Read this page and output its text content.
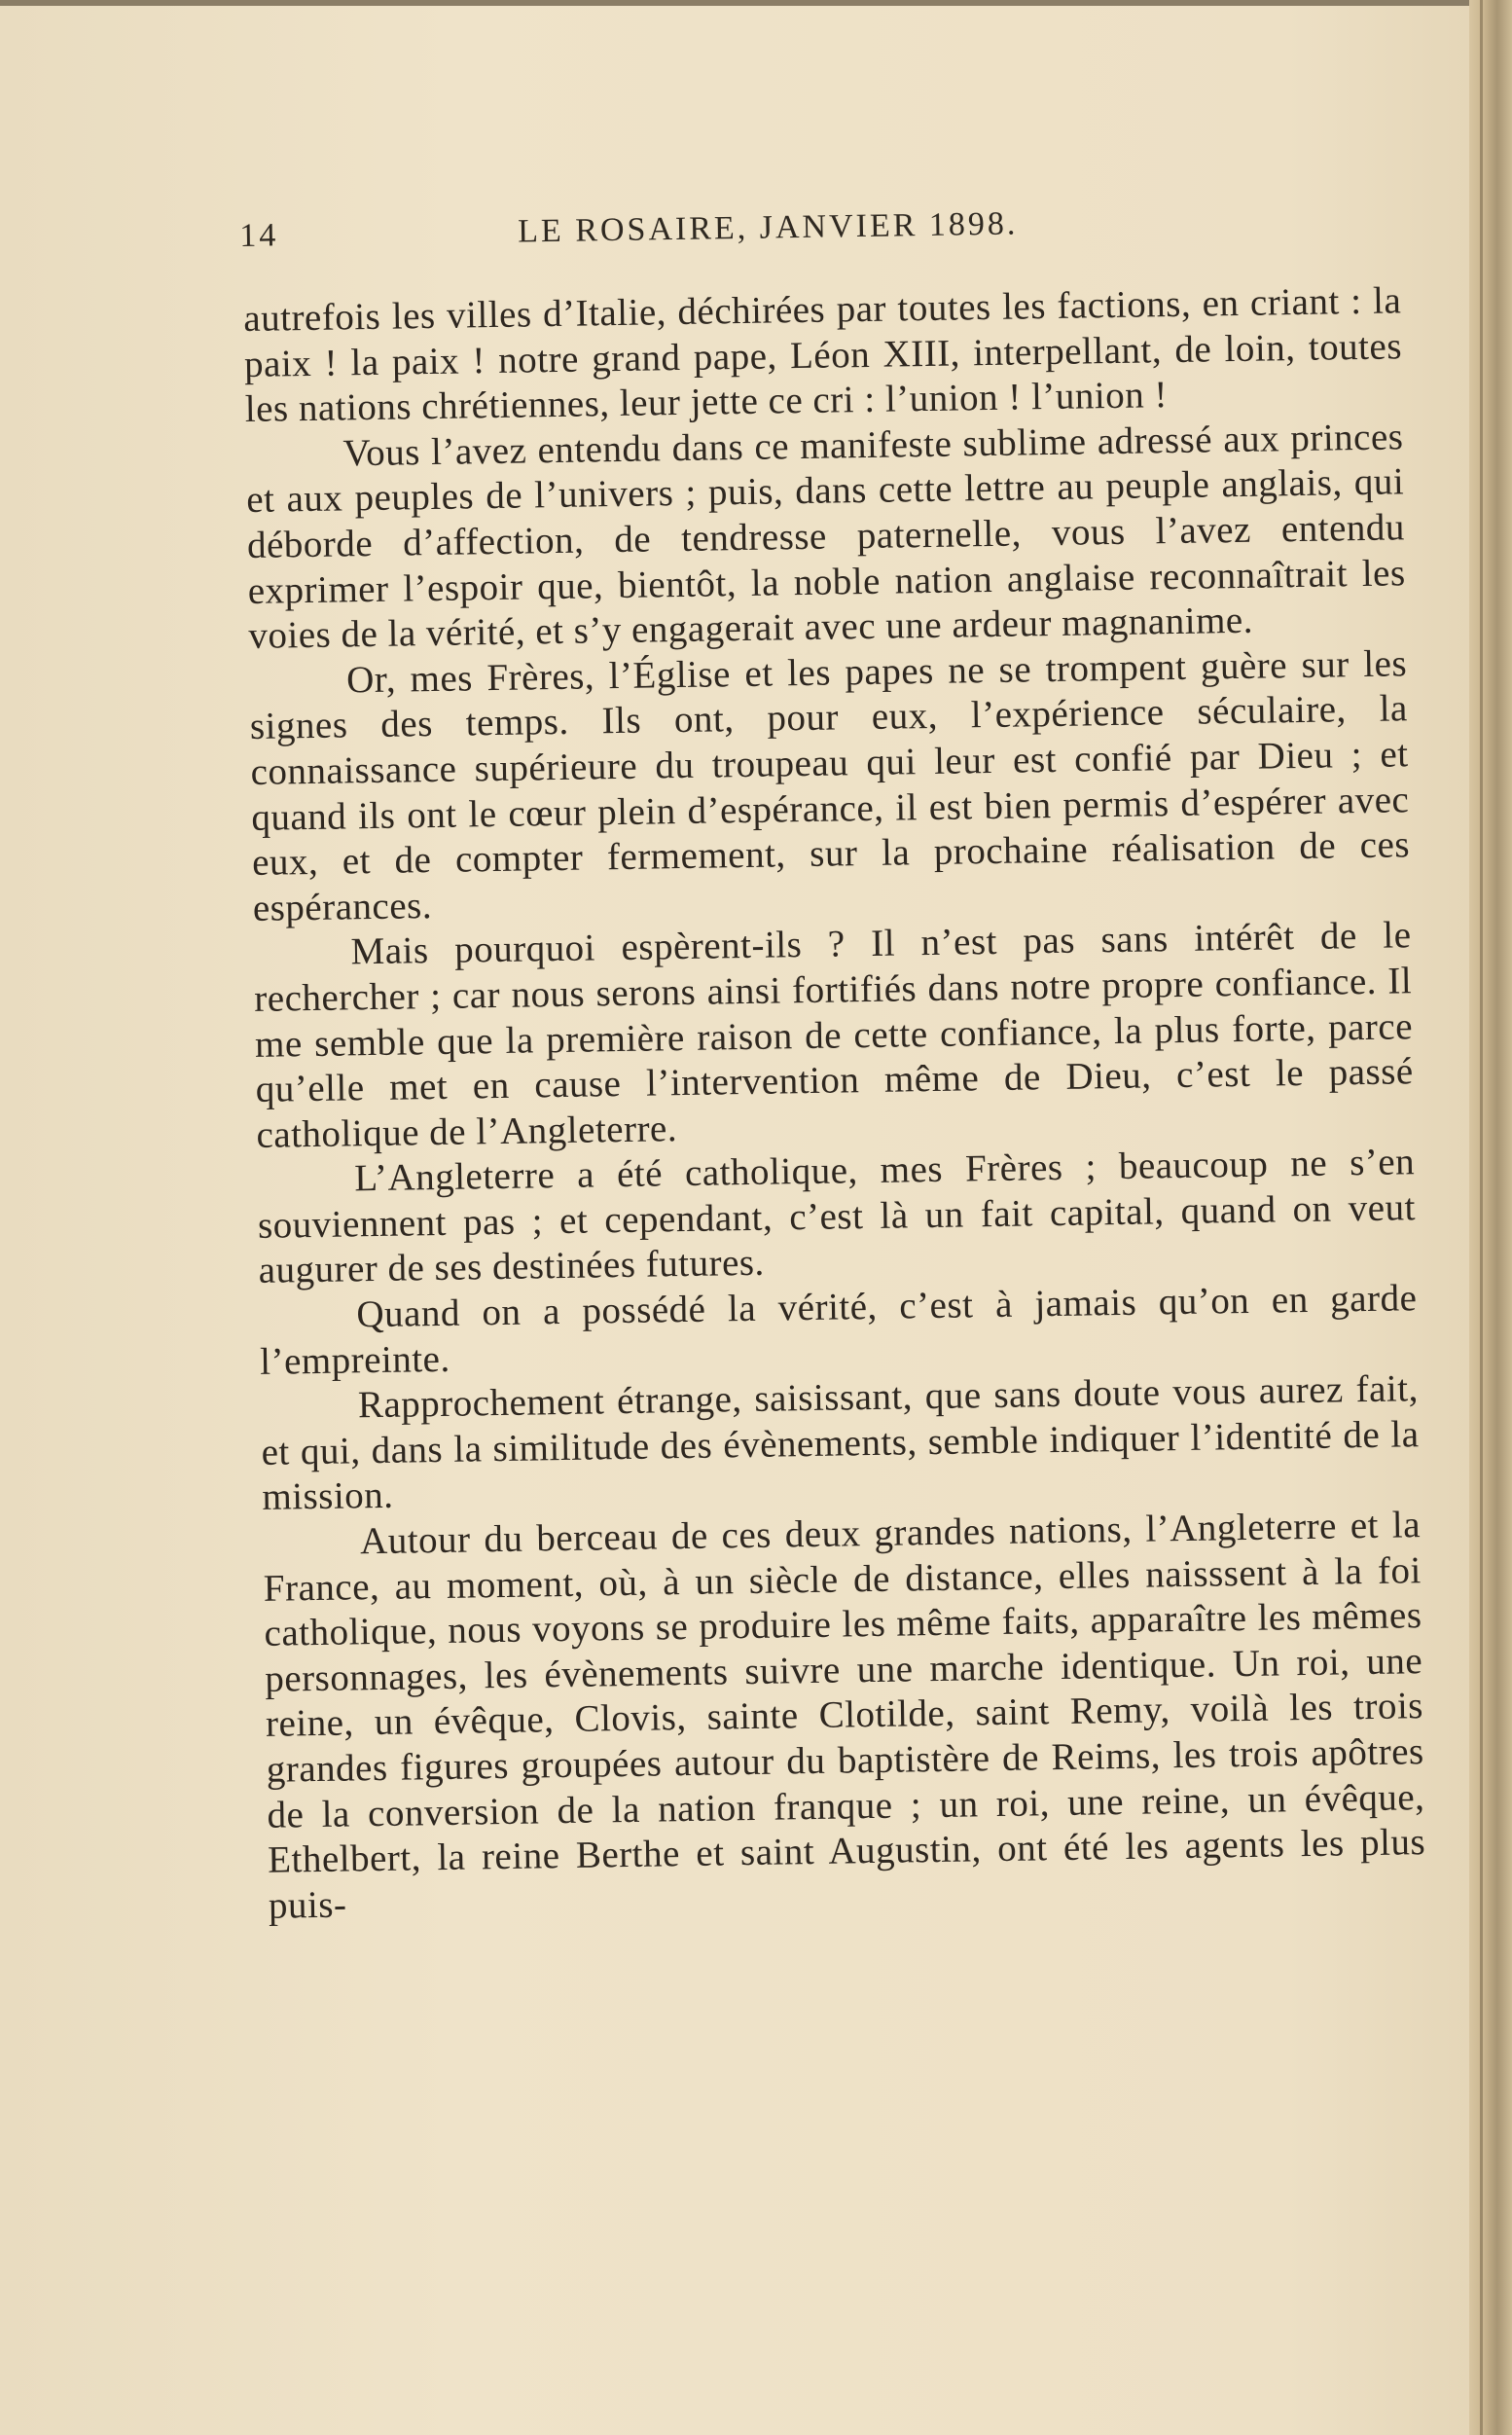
14	LE ROSAIRE, JANVIER 1898.

autrefois les villes d’Italie, déchirées par toutes les factions, en criant : la paix ! la paix ! notre grand pape, Léon XIII, interpellant, de loin, toutes les nations chrétiennes, leur jette ce cri : l’union ! l’union !

Vous l’avez entendu dans ce manifeste sublime adressé aux princes et aux peuples de l’univers ; puis, dans cette lettre au peuple anglais, qui déborde d’affection, de tendresse paternelle, vous l’avez entendu exprimer l’espoir que, bientôt, la noble nation anglaise reconnaîtrait les voies de la vérité, et s’y engagerait avec une ardeur magnanime.

Or, mes Frères, l’Église et les papes ne se trompent guère sur les signes des temps. Ils ont, pour eux, l’expérience séculaire, la connaissance supérieure du troupeau qui leur est confié par Dieu ; et quand ils ont le cœur plein d’espérance, il est bien permis d’espérer avec eux, et de compter fermement, sur la prochaine réalisation de ces espérances.

Mais pourquoi espèrent-ils ? Il n’est pas sans intérêt de le rechercher ; car nous serons ainsi fortifiés dans notre propre confiance. Il me semble que la première raison de cette confiance, la plus forte, parce qu’elle met en cause l’intervention même de Dieu, c’est le passé catholique de l’Angleterre.

L’Angleterre a été catholique, mes Frères ; beaucoup ne s’en souviennent pas ; et cependant, c’est là un fait capital, quand on veut augurer de ses destinées futures.

Quand on a possédé la vérité, c’est à jamais qu’on en garde l’empreinte.

Rapprochement étrange, saisissant, que sans doute vous aurez fait, et qui, dans la similitude des évènements, semble indiquer l’identité de la mission.

Autour du berceau de ces deux grandes nations, l’Angleterre et la France, au moment, où, à un siècle de distance, elles naisssent à la foi catholique, nous voyons se produire les même faits, apparaître les mêmes personnages, les évènements suivre une marche identique. Un roi, une reine, un évêque, Clovis, sainte Clotilde, saint Remy, voilà les trois grandes figures groupées autour du baptistère de Reims, les trois apôtres de la conversion de la nation franque ; un roi, une reine, un évêque, Ethelbert, la reine Berthe et saint Augustin, ont été les agents les plus puis-
